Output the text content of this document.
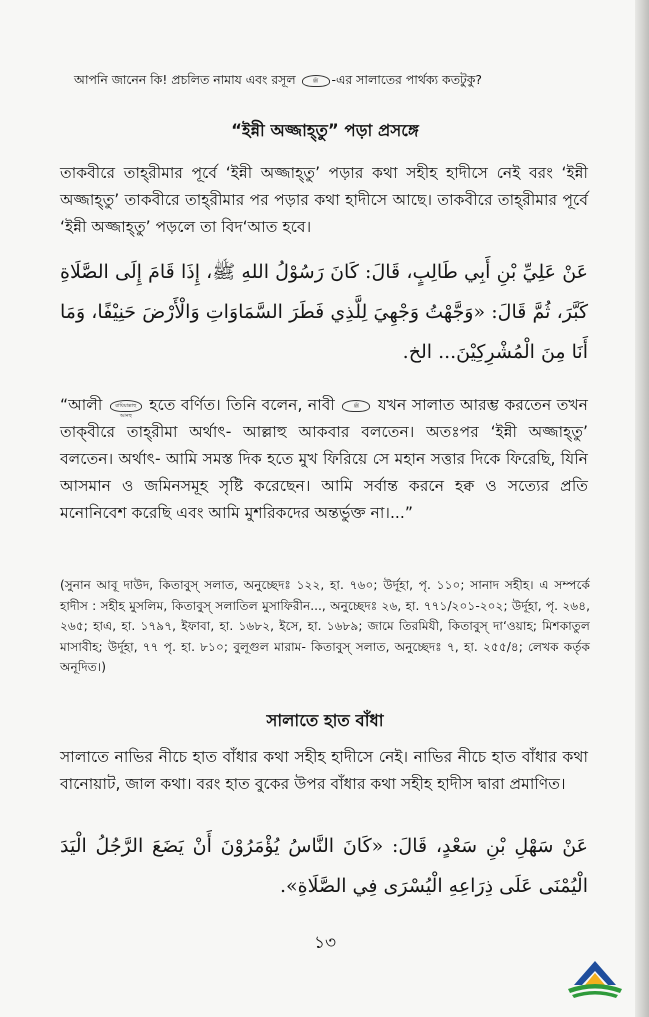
আপনি জানেন কি! প্রচলিত নামায এবং রসূল	ﷺ -এর সালাতের পার্থক্য কতটুকু?
“ইন্নী অজ্জাহ্‌তু” পড়া প্রসঙ্গে
তাকবীরে তাহ্‌রীমার পূর্বে ‘ইন্নী অজ্জাহ্‌তু’ পড়ার কথা সহীহ হাদীসে নেই বরং ‘ইন্নী অজ্জাহ্‌তু’ তাকবীরে তাহ্‌রীমার পর পড়ার কথা হাদীসে আছে। তাকবীরে তাহ্‌রীমার পূর্বে ‘ইন্নী অজ্জাহ্‌তু’ পড়লে তা বিদ‘আত হবে।
عَنْ عَلِيِّ بْنِ أَبِي طَالِبٍ، قَالَ: كَانَ رَسُوْلُ اللهِ ﷺ، إِذَا قَامَ إِلَى الصَّلَاةِ كَبَّرَ، ثُمَّ قَالَ: «وَجَّهْتُ وَجْهِيَ لِلَّذِي فَطَرَ السَّمَاوَاتِ وَالْأَرْضَ حَنِيْفًا، وَمَا أَنَا مِنَ الْمُشْرِكِيْنَ... الخ.
“আলী	রাযিয়াল্লাহু আনহু হতে বর্ণিত। তিনি বলেন, নাবী	ﷺ যখন সালাত আরম্ভ করতেন তখন তাক্‌বীরে তাহ্‌রীমা অর্থাৎ- আল্লাহু আকবার বলতেন। অতঃপর ‘ইন্নী অজ্জাহ্‌তু’ বলতেন। অর্থাৎ- আমি সমস্ত দিক হতে মুখ ফিরিয়ে সে মহান সত্তার দিকে ফিরেছি, যিনি আসমান ও জমিনসমূহ সৃষ্টি করেছেন। আমি সর্বান্ত করনে হক্ব ও সত্যের প্রতি মনোনিবেশ করেছি এবং আমি মুশরিকদের অন্তর্ভুক্ত না।...”
(সুনান আবূ দাউদ, কিতাবুস্‌ সলাত, অনুচ্ছেদঃ ১২২, হা. ৭৬০; উর্দূহা, পৃ. ১১০; সানাদ সহীহ। এ সম্পর্কে হাদীস : সহীহ মুসলিম, কিতাবুস্‌ সলাতিল মুসাফিরীন..., অনুচ্ছেদঃ ২৬, হা. ৭৭১/২০১-২০২; উর্দূহা, পৃ. ২৬৪, ২৬৫; হাএ, হা. ১৭৯৭, ইফাবা, হা. ১৬৮২, ইসে, হা. ১৬৮৯; জামে তিরমিযী, কিতাবুস্‌ দা‘ওয়াহ; মিশকাতুল মাসাবীহ; উর্দূহা, ৭৭ পৃ. হা. ৮১০; বুলূগুল মারাম- কিতাবুস্‌ সলাত, অনুচ্ছেদঃ ৭, হা. ২৫৫/৪; লেখক কর্তৃক অনূদিত।)
সালাতে হাত বাঁধা
সালাতে নাভির নীচে হাত বাঁধার কথা সহীহ হাদীসে নেই। নাভির নীচে হাত বাঁধার কথা বানোয়াট, জাল কথা। বরং হাত বুকের উপর বাঁধার কথা সহীহ হাদীস দ্বারা প্রমাণিত।
عَنْ سَهْلِ بْنِ سَعْدٍ، قَالَ: «كَانَ النَّاسُ يُؤْمَرُوْنَ أَنْ يَضَعَ الرَّجُلُ الْيَدَ الْيُمْنَى عَلَى ذِرَاعِهِ الْيُسْرَى فِي الصَّلَاةِ».
১৩
